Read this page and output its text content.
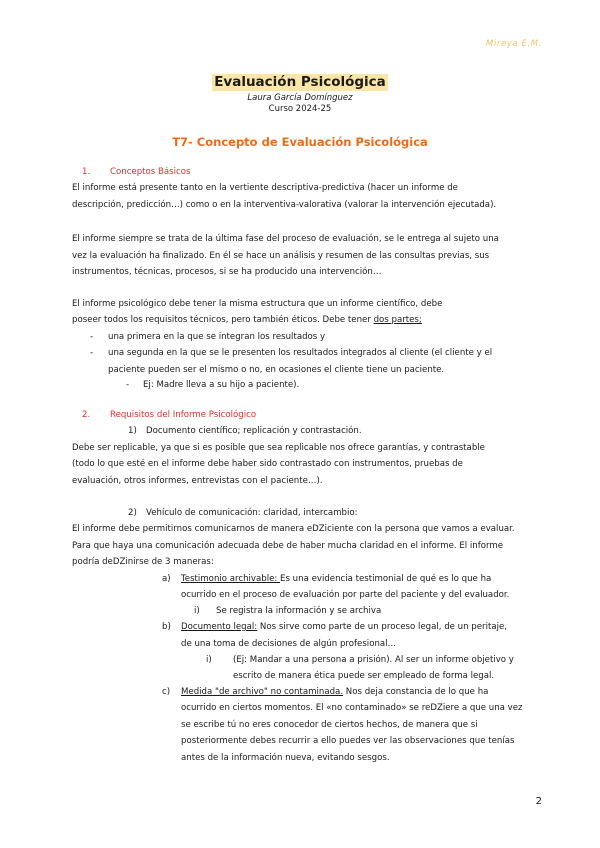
Mireya E.M.
Evaluación Psicológica
Laura García Domínguez
Curso 2024-25
T7- Concepto de Evaluación Psicológica
1. Conceptos Básicos
El informe está presente tanto en la vertiente descriptiva-predictiva (hacer un informe de
descripción, predicción…) como o en la interventiva-valorativa (valorar la intervención ejecutada).
El informe siempre se trata de la última fase del proceso de evaluación, se le entrega al sujeto una
vez la evaluación ha finalizado. En él se hace un análisis y resumen de las consultas previas, sus
instrumentos, técnicas, procesos, si se ha producido una intervención…
El informe psicológico debe tener la misma estructura que un informe científico, debe
poseer todos los requisitos técnicos, pero también éticos. Debe tener dos partes;
- una primera en la que se integran los resultados y
- una segunda en la que se le presenten los resultados integrados al cliente (el cliente y el
paciente pueden ser el mismo o no, en ocasiones el cliente tiene un paciente.
- Ej: Madre lleva a su hijo a paciente).
2. Requisitos del Informe Psicológico
1) Documento científico; replicación y contrastación.
Debe ser replicable, ya que si es posible que sea replicable nos ofrece garantías, y contrastable
(todo lo que esté en el informe debe haber sido contrastado con instrumentos, pruebas de
evaluación, otros informes, entrevistas con el paciente…).
2) Vehículo de comunicación: claridad, intercambio:
El informe debe permitirnos comunicarnos de manera eDZiciente con la persona que vamos a evaluar.
Para que haya una comunicación adecuada debe de haber mucha claridad en el informe. El informe
podría deDZinirse de 3 maneras:
a) Testimonio archivable: Es una evidencia testimonial de qué es lo que ha
ocurrido en el proceso de evaluación por parte del paciente y del evaluador.
i) Se registra la información y se archiva
b) Documento legal: Nos sirve como parte de un proceso legal, de un peritaje,
de una toma de decisiones de algún profesional…
i) (Ej: Mandar a una persona a prisión). Al ser un informe objetivo y
escrito de manera ética puede ser empleado de forma legal.
c) Medida "de archivo" no contaminada. Nos deja constancia de lo que ha
ocurrido en ciertos momentos. El «no contaminado» se reDZiere a que una vez
se escribe tú no eres conocedor de ciertos hechos, de manera que si
posteriormente debes recurrir a ello puedes ver las observaciones que tenías
antes de la información nueva, evitando sesgos.
2
